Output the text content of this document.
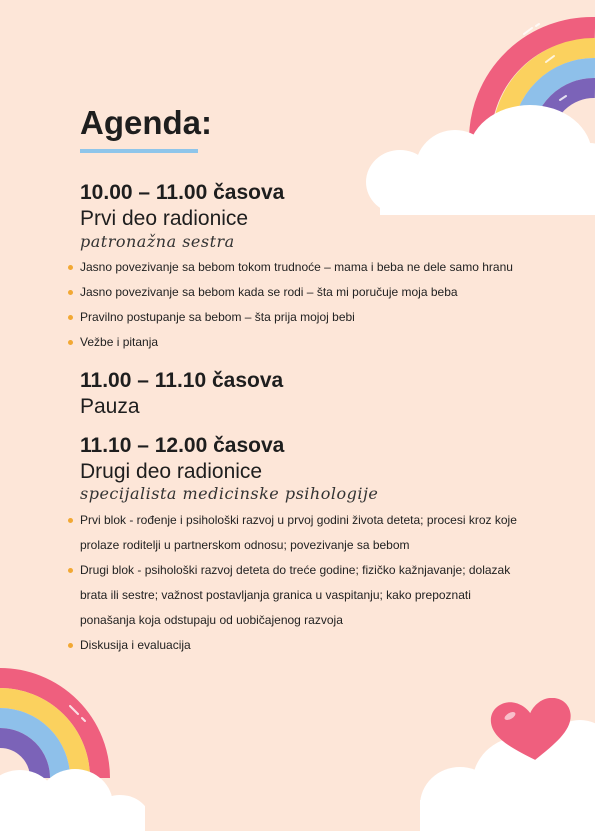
Agenda:

10.00 – 11.00 časova

Prvi deo radionice

patronažna sestra

Jasno povezivanje sa bebom tokom trudnoće – mama i beba ne dele samo hranu
Jasno povezivanje sa bebom kada se rodi – šta mi poručuje moja beba
Pravilno postupanje sa bebom – šta prija mojoj bebi
Vežbe i pitanja

11.00 – 11.10 časova

Pauza

11.10 – 12.00 časova

Drugi deo radionice

specijalista medicinske psihologije

Prvi blok - rođenje i psihološki razvoj u prvoj godini života deteta; procesi kroz koje prolaze roditelji u partnerskom odnosu; povezivanje sa bebom
Drugi blok - psihološki razvoj deteta do treće godine; fizičko kažnjavanje; dolazak brata ili sestre; važnost postavljanja granica u vaspitanju; kako prepoznati ponašanja koja odstupaju od uobičajenog razvoja
Diskusija i evaluacija
